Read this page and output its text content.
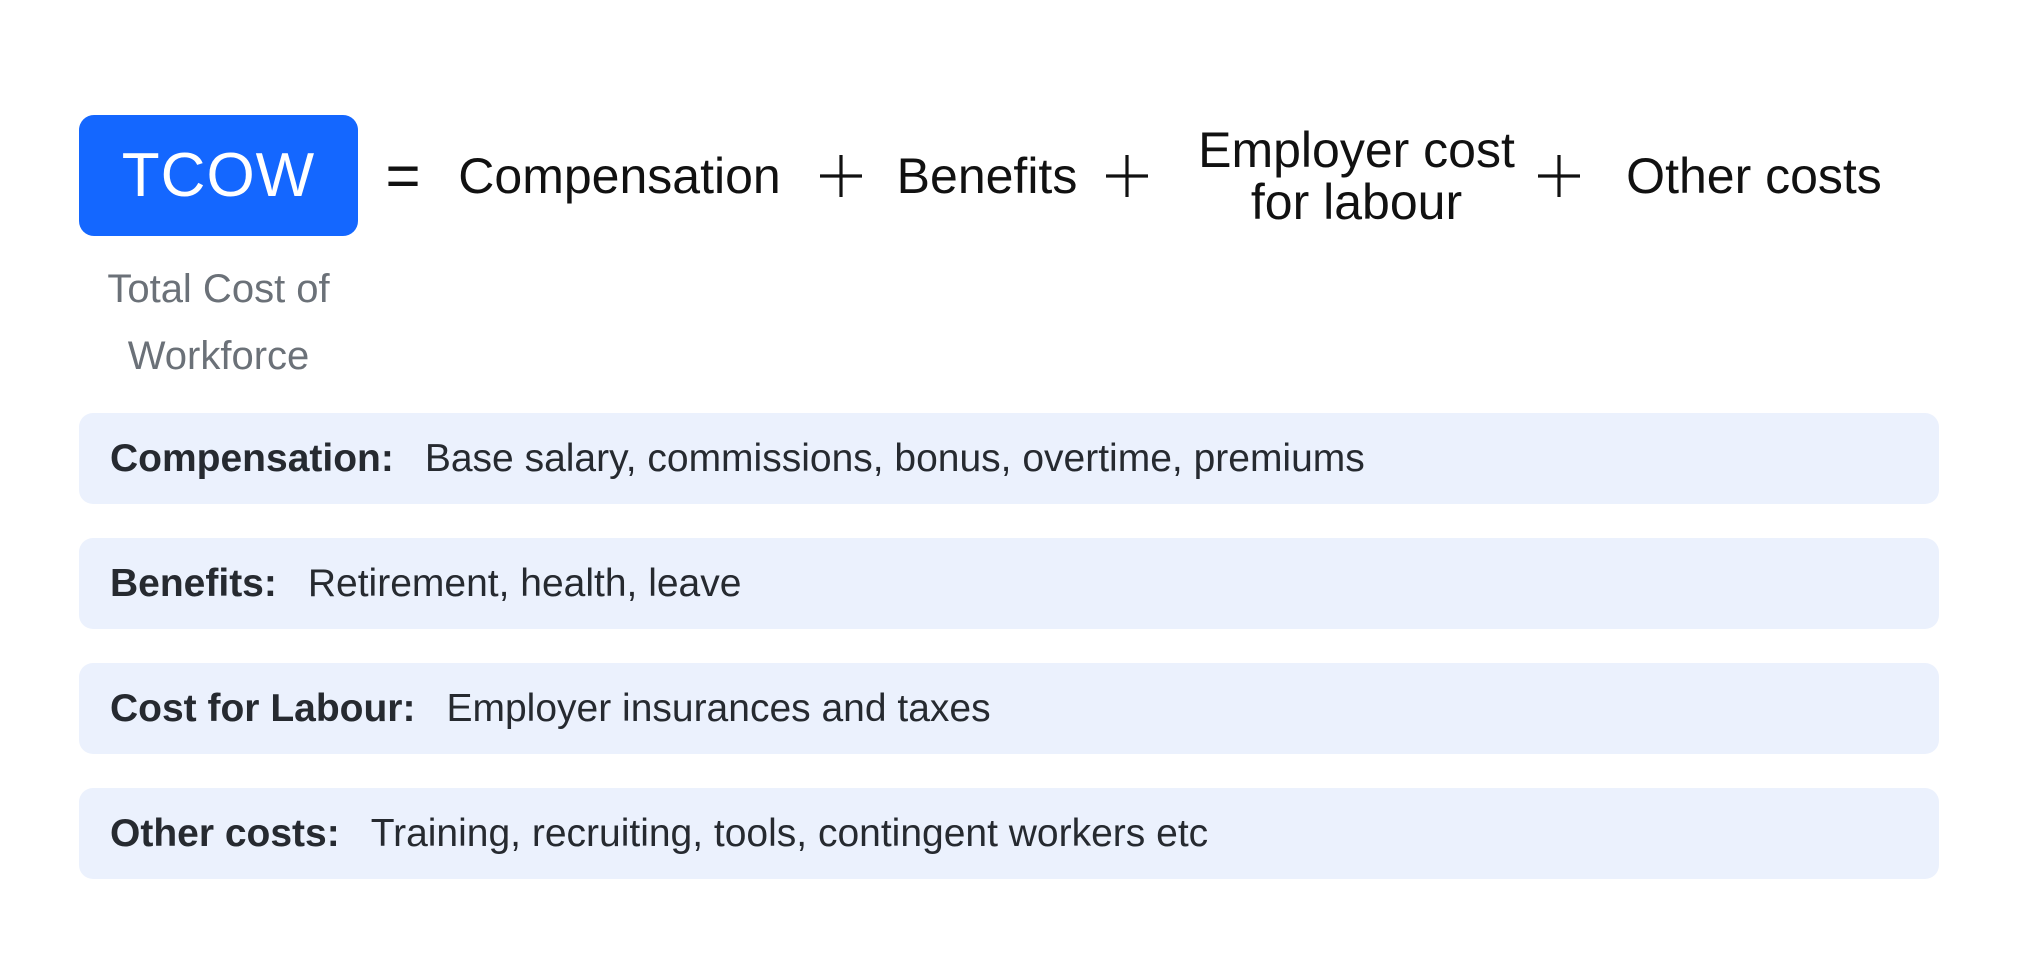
TCOW = Compensation Benefits Employer cost for labour	Other costs
Total Cost of Workforce
Compensation: Base salary, commissions, bonus, overtime, premiums
Benefits: Retirement, health, leave
Cost for Labour: Employer insurances and taxes
Other costs: Training, recruiting, tools, contingent workers etc
